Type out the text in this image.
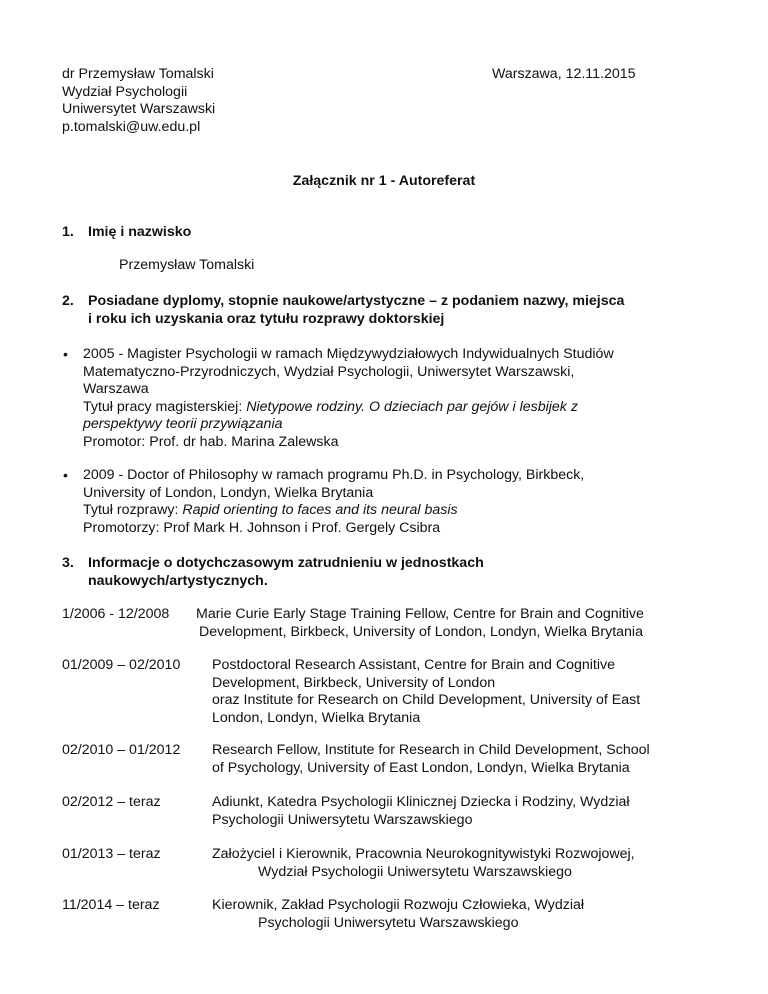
dr Przemysław Tomalski
Wydział Psychologii
Uniwersytet Warszawski
p.tomalski@uw.edu.pl
Warszawa, 12.11.2015
Załącznik nr 1 - Autoreferat
1. Imię i nazwisko
Przemysław Tomalski
2. Posiadane dyplomy, stopnie naukowe/artystyczne – z podaniem nazwy, miejsca
i roku ich uzyskania oraz tytułu rozprawy doktorskiej
• 2005 - Magister Psychologii w ramach Międzywydziałowych Indywidualnych Studiów
Matematyczno-Przyrodniczych, Wydział Psychologii, Uniwersytet Warszawski,
Warszawa
Tytuł pracy magisterskiej: Nietypowe rodziny. O dzieciach par gejów i lesbijek z
perspektywy teorii przywiązania
Promotor: Prof. dr hab. Marina Zalewska
• 2009 - Doctor of Philosophy w ramach programu Ph.D. in Psychology, Birkbeck,
University of London, Londyn, Wielka Brytania
Tytuł rozprawy: Rapid orienting to faces and its neural basis
Promotorzy: Prof Mark H. Johnson i Prof. Gergely Csibra
3. Informacje o dotychczasowym zatrudnieniu w jednostkach
naukowych/artystycznych.
1/2006 - 12/2008 Marie Curie Early Stage Training Fellow, Centre for Brain and Cognitive
Development, Birkbeck, University of London, Londyn, Wielka Brytania
01/2009 – 02/2010 Postdoctoral Research Assistant, Centre for Brain and Cognitive
Development, Birkbeck, University of London
oraz Institute for Research on Child Development, University of East
London, Londyn, Wielka Brytania
02/2010 – 01/2012 Research Fellow, Institute for Research in Child Development, School
of Psychology, University of East London, Londyn, Wielka Brytania
02/2012 – teraz	Adiunkt, Katedra Psychologii Klinicznej Dziecka i Rodziny, Wydział
Psychologii Uniwersytetu Warszawskiego
01/2013 – teraz	Założyciel i Kierownik, Pracownia Neurokognitywistyki Rozwojowej,
Wydział Psychologii Uniwersytetu Warszawskiego
11/2014 – teraz	Kierownik, Zakład Psychologii Rozwoju Człowieka, Wydział
Psychologii Uniwersytetu Warszawskiego
